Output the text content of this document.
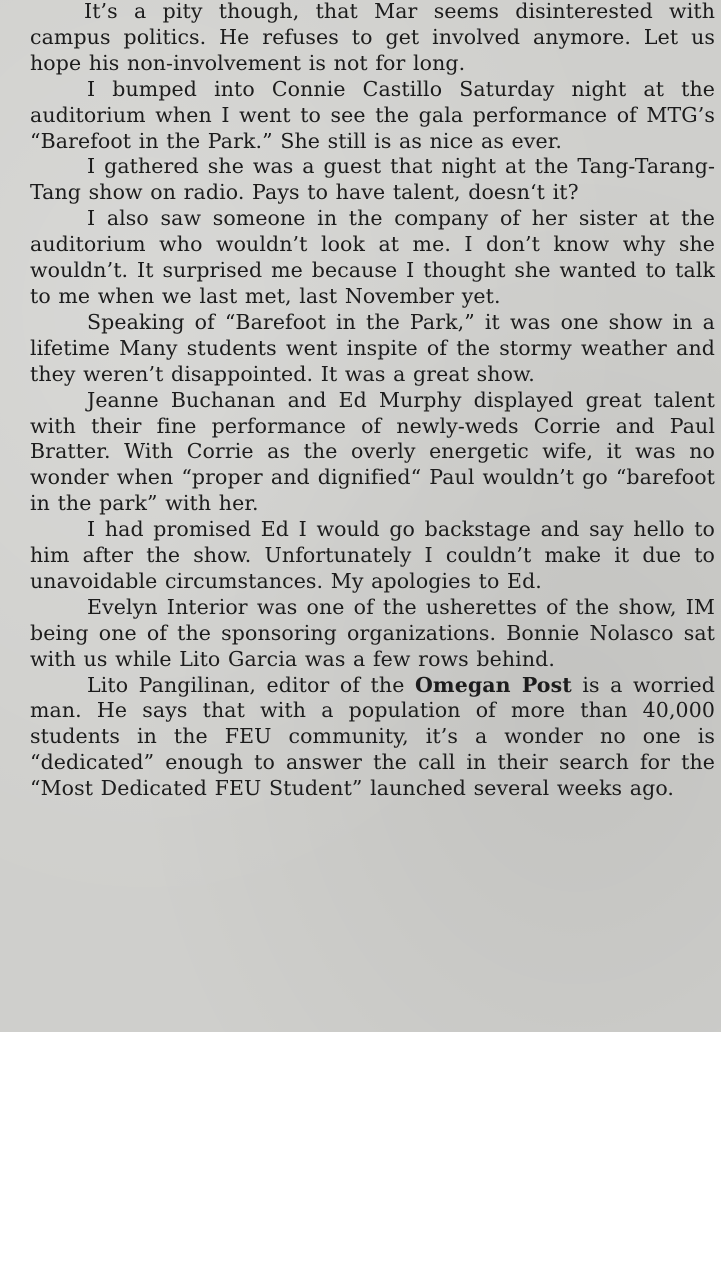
It’s a pity though, that Mar seems disinterested with campus politics. He refuses to get involved anymore. Let us hope his non-involvement is not for long.

I bumped into Connie Castillo Saturday night at the auditorium when I went to see the gala performance of MTG’s “Barefoot in the Park.” She still is as nice as ever.

I gathered she was a guest that night at the Tang-Tarang-Tang show on radio. Pays to have talent, doesn‘t it?

I also saw someone in the company of her sister at the auditorium who wouldn’t look at me. I don’t know why she wouldn’t. It surprised me because I thought she wanted to talk to me when we last met, last November yet.

Speaking of “Barefoot in the Park,” it was one show in a lifetime Many students went inspite of the stormy weather and they weren’t disappointed. It was a great show.

Jeanne Buchanan and Ed Murphy displayed great talent with their fine performance of newly-weds Corrie and Paul Bratter. With Corrie as the overly energetic wife, it was no wonder when “proper and dignified“ Paul wouldn’t go “barefoot in the park” with her.

I had promised Ed I would go backstage and say hello to him after the show. Unfortunately I couldn’t make it due to unavoidable circumstances. My apologies to Ed.

Evelyn Interior was one of the usherettes of the show, IM being one of the sponsoring organizations. Bonnie Nolasco sat with us while Lito Garcia was a few rows behind.

Lito Pangilinan, editor of the Omegan Post is a worried man. He says that with a population of more than 40,000 students in the FEU community, it’s a wonder no one is “dedicated” enough to answer the call in their search for the “Most Dedicated FEU Student” launched several weeks ago.
